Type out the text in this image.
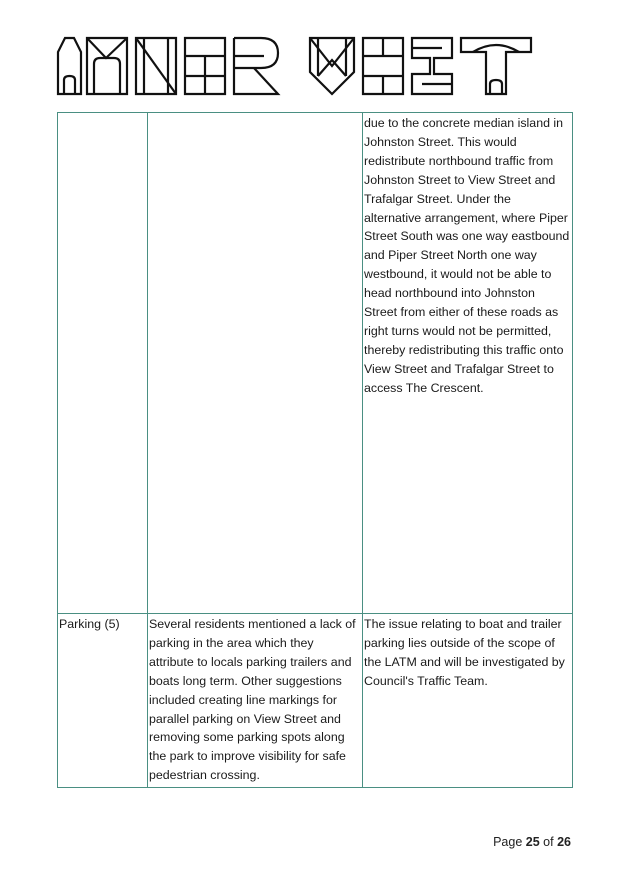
		due to the concrete median island in Johnston Street. This would redistribute northbound traffic from Johnston Street to View Street and Trafalgar Street. Under the alternative arrangement, where Piper Street South was one way eastbound and Piper Street North one way westbound, it would not be able to head northbound into Johnston Street from either of these roads as right turns would not be permitted, thereby redistributing this traffic onto View Street and Trafalgar Street to access The Crescent.
Parking (5)	Several residents mentioned a lack of parking in the area which they attribute to locals parking trailers and boats long term. Other suggestions included creating line markings for parallel parking on View Street and removing some parking spots along the park to improve visibility for safe pedestrian crossing.	The issue relating to boat and trailer parking lies outside of the scope of the LATM and will be investigated by Council's Traffic Team.
Page 25 of 26
